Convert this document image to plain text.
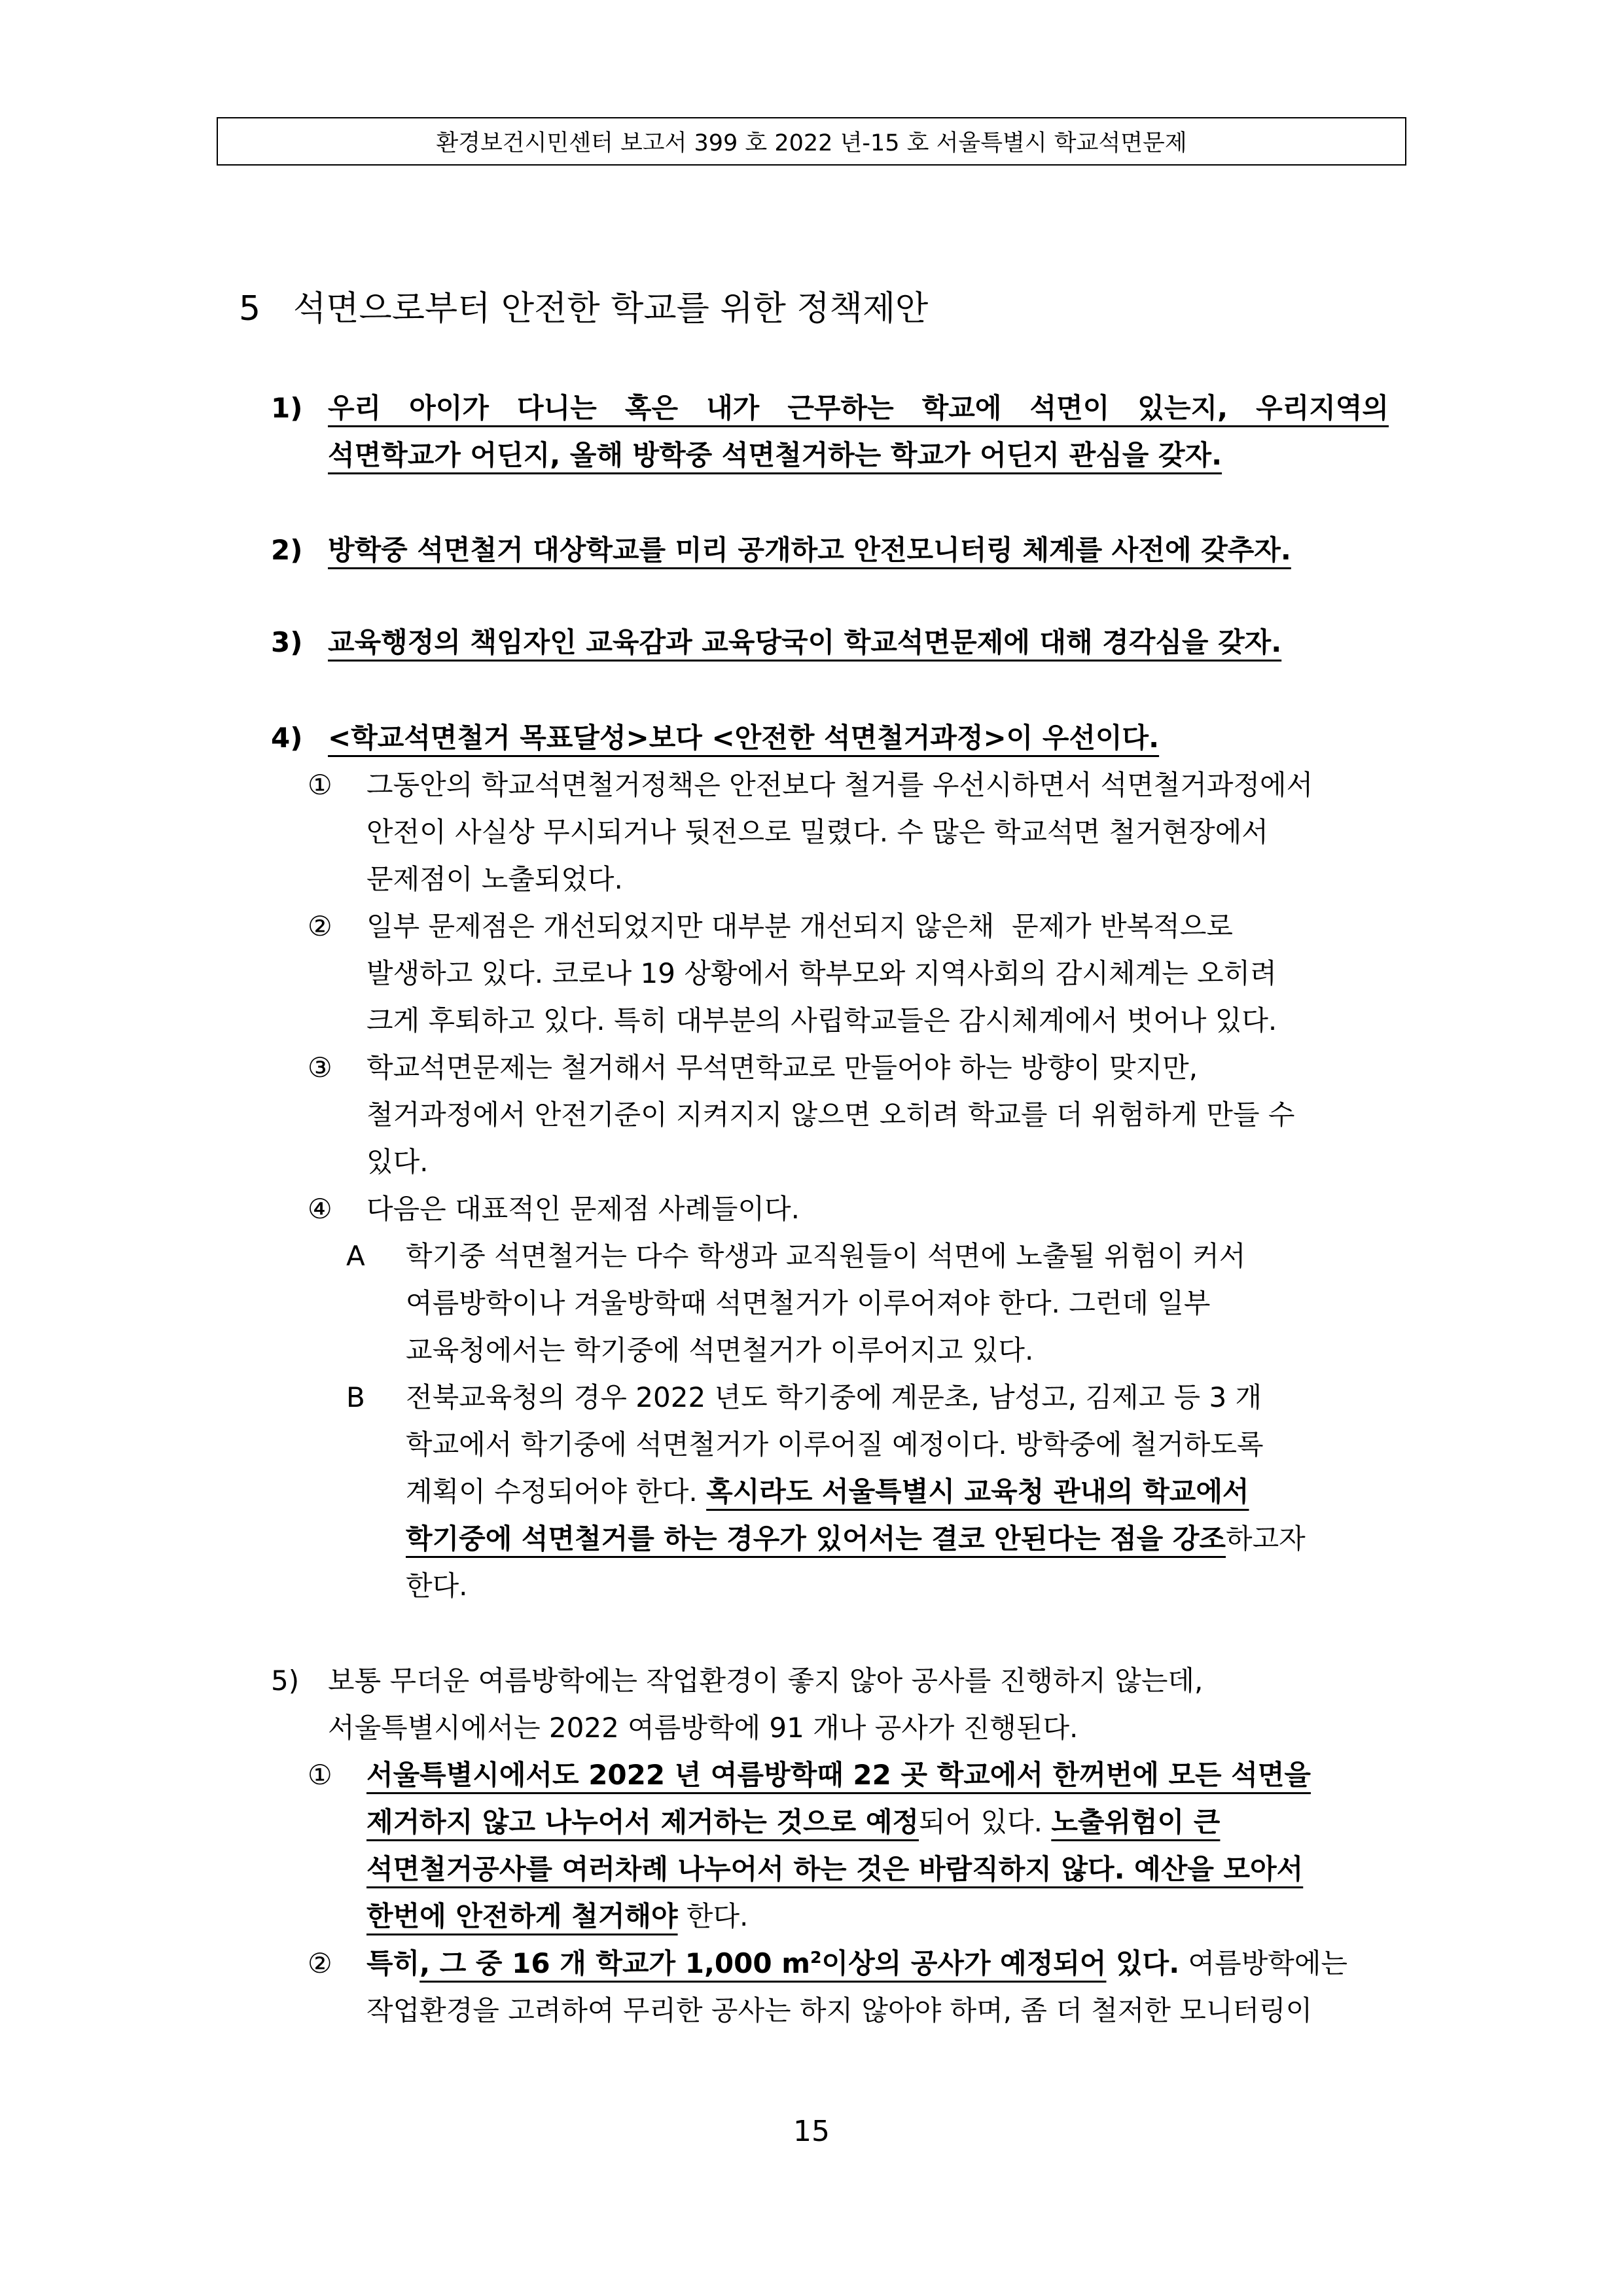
환경보건시민센터 보고서 399 호 2022 년-15 호 서울특별시 학교석면문제
5 석면으로부터 안전한 학교를 위한 정책제안
1) 우리 아이가 다니는 혹은 내가 근무하는 학교에 석면이 있는지, 우리지역의
석면학교가 어딘지, 올해 방학중 석면철거하는 학교가 어딘지 관심을 갖자.
2) 방학중 석면철거 대상학교를 미리 공개하고 안전모니터링 체계를 사전에 갖추자.
3) 교육행정의 책임자인 교육감과 교육당국이 학교석면문제에 대해 경각심을 갖자.
4) <학교석면철거 목표달성>보다 <안전한 석면철거과정>이 우선이다.
① 그동안의 학교석면철거정책은 안전보다 철거를 우선시하면서 석면철거과정에서
안전이 사실상 무시되거나 뒷전으로 밀렸다. 수 많은 학교석면 철거현장에서
문제점이 노출되었다.
② 일부 문제점은 개선되었지만 대부분 개선되지 않은채  문제가 반복적으로
발생하고 있다. 코로나 19 상황에서 학부모와 지역사회의 감시체계는 오히려
크게 후퇴하고 있다. 특히 대부분의 사립학교들은 감시체계에서 벗어나 있다.
③ 학교석면문제는 철거해서 무석면학교로 만들어야 하는 방향이 맞지만,
철거과정에서 안전기준이 지켜지지 않으면 오히려 학교를 더 위험하게 만들 수
있다.
④ 다음은 대표적인 문제점 사례들이다.
A 학기중 석면철거는 다수 학생과 교직원들이 석면에 노출될 위험이 커서
여름방학이나 겨울방학때 석면철거가 이루어져야 한다. 그런데 일부
교육청에서는 학기중에 석면철거가 이루어지고 있다.
B 전북교육청의 경우 2022 년도 학기중에 계문초, 남성고, 김제고 등 3 개
학교에서 학기중에 석면철거가 이루어질 예정이다. 방학중에 철거하도록
계획이 수정되어야 한다. 혹시라도 서울특별시 교육청 관내의 학교에서
학기중에 석면철거를 하는 경우가 있어서는 결코 안된다는 점을 강조하고자
한다.
5) 보통 무더운 여름방학에는 작업환경이 좋지 않아 공사를 진행하지 않는데,
서울특별시에서는 2022 여름방학에 91 개나 공사가 진행된다.
① 서울특별시에서도 2022 년 여름방학때 22 곳 학교에서 한꺼번에 모든 석면을
제거하지 않고 나누어서 제거하는 것으로 예정되어 있다. 노출위험이 큰
석면철거공사를 여러차례 나누어서 하는 것은 바람직하지 않다. 예산을 모아서
한번에 안전하게 철거해야 한다.
② 특히, 그 중 16 개 학교가 1,000 $m^2$이상의 공사가 예정되어 있다. 여름방학에는
작업환경을 고려하여 무리한 공사는 하지 않아야 하며, 좀 더 철저한 모니터링이
15
